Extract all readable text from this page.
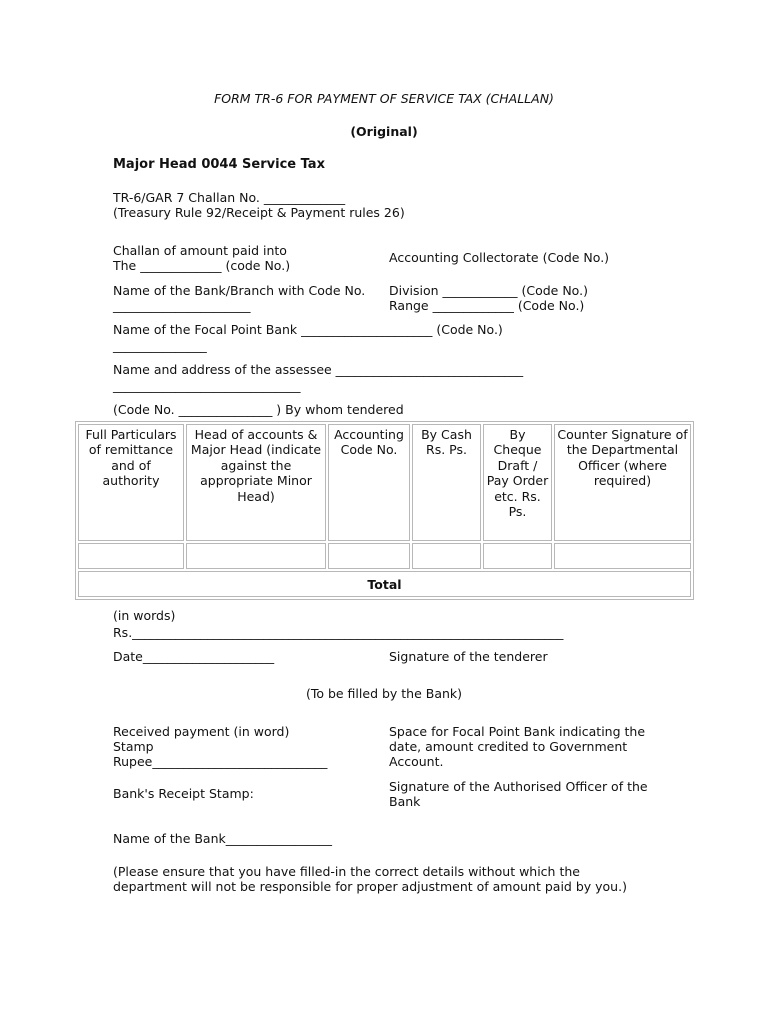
FORM TR-6 FOR PAYMENT OF SERVICE TAX (CHALLAN)
(Original)
Major Head 0044 Service Tax
TR-6/GAR 7 Challan No. _____________
(Treasury Rule 92/Receipt & Payment rules 26)
Challan of amount paid into
The _____________ (code No.)
Accounting Collectorate (Code No.)
Name of the Bank/Branch with Code No.
______________________
Division ____________ (Code No.)
Range _____________ (Code No.)
Name of the Focal Point Bank _____________________ (Code No.)
_______________
Name and address of the assessee ______________________________
______________________________
(Code No. _______________ ) By whom tendered
Full Particulars of remittance and of authority	Head of accounts & Major Head (indicate against the appropriate Minor Head)	Accounting Code No.	By Cash Rs. Ps.	By Cheque Draft / Pay Order etc. Rs. Ps.	Counter Signature of the Departmental Officer (where required)

Total					
(in words)
Rs._____________________________________________________________________
Date_____________________	Signature of the tenderer
(To be filled by the Bank)
Received payment (in word)
Stamp
Rupee____________________________
Space for Focal Point Bank indicating the
date, amount credited to Government
Account.
Bank's Receipt Stamp:	Signature of the Authorised Officer of the
Bank
Name of the Bank_________________
(Please ensure that you have filled-in the correct details without which the
department will not be responsible for proper adjustment of amount paid by you.)
